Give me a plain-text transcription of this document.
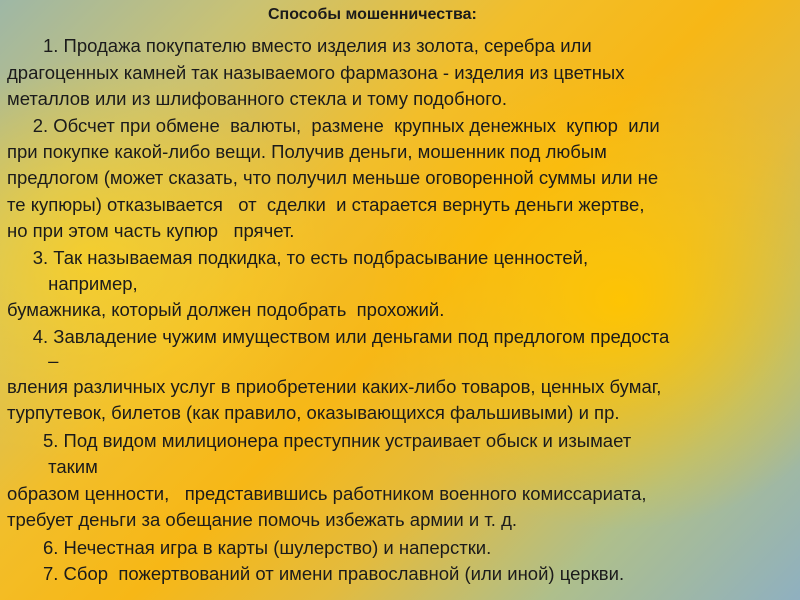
Способы мошенничества:
1. Продажа покупателю вместо изделия из золота, серебра или
драгоценных камней так называемого фармазона - изделия из цветных
металлов или из шлифованного стекла и тому подобного.
2. Обсчет при обмене  валюты,  размене  крупных денежных  купюр  или
при покупке какой-либо вещи. Получив деньги, мошенник под любым
предлогом (может сказать, что получил меньше оговоренной суммы или не
те купюры) отказывается   от  сделки  и старается вернуть деньги жертве,
но при этом часть купюр   прячет.
3. Так называемая подкидка, то есть подбрасывание ценностей,
например,
бумажника, который должен подобрать  прохожий.
4. Завладение чужим имуществом или деньгами под предлогом предоста
–
вления различных услуг в приобретении каких-либо товаров, ценных бумаг,
турпутевок, билетов (как правило, оказывающихся фальшивыми) и пр.
5. Под видом милиционера преступник устраивает обыск и изымает
таким
образом ценности,   представившись работником военного комиссариата,
требует деньги за обещание помочь избежать армии и т. д.
6. Нечестная игра в карты (шулерство) и наперстки.
7. Сбор  пожертвований от имени православной (или иной) церкви.
